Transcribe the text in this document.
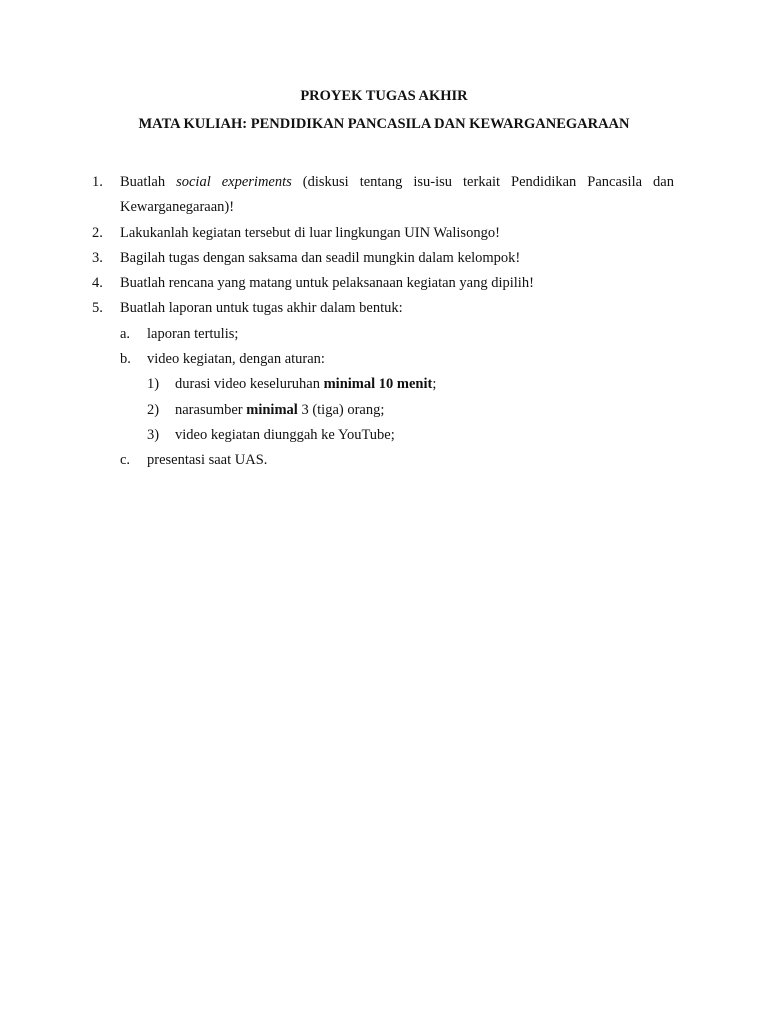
PROYEK TUGAS AKHIR
MATA KULIAH: PENDIDIKAN PANCASILA DAN KEWARGANEGARAAN
1. Buatlah social experiments (diskusi tentang isu-isu terkait Pendidikan Pancasila dan Kewarganegaraan)!
2. Lakukanlah kegiatan tersebut di luar lingkungan UIN Walisongo!
3. Bagilah tugas dengan saksama dan seadil mungkin dalam kelompok!
4. Buatlah rencana yang matang untuk pelaksanaan kegiatan yang dipilih!
5. Buatlah laporan untuk tugas akhir dalam bentuk:
a. laporan tertulis;
b. video kegiatan, dengan aturan:
1) durasi video keseluruhan minimal 10 menit;
2) narasumber minimal 3 (tiga) orang;
3) video kegiatan diunggah ke YouTube;
c. presentasi saat UAS.
